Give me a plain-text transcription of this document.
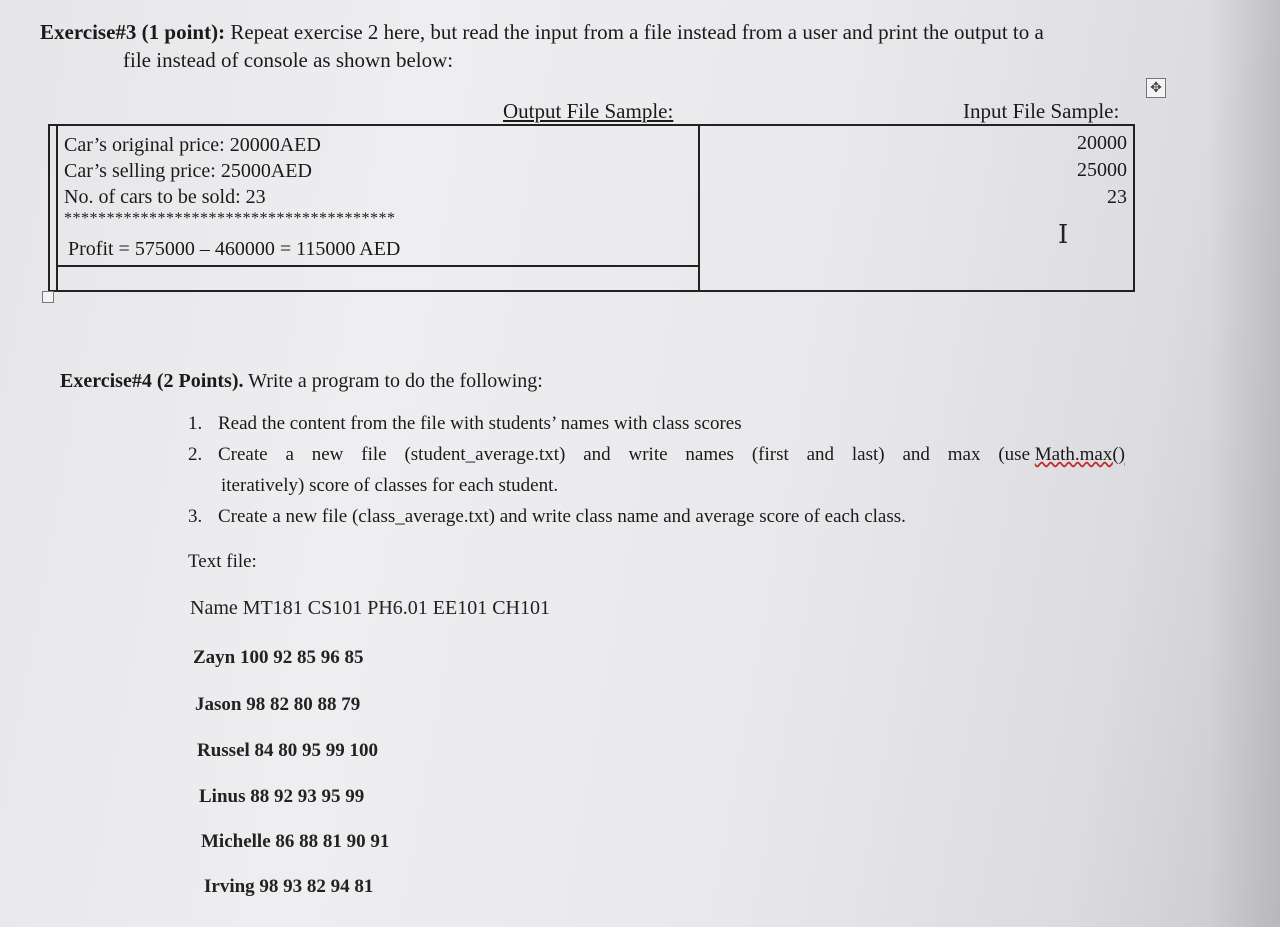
Exercise#3 (1 point): Repeat exercise 2 here, but read the input from a file instead from a user and print the output to a
file instead of console as shown below:
✥
Output File Sample:	Input File Sample:
Car’s original price: 20000AED
Car’s selling price: 25000AED
No. of cars to be sold: 23
***************************************
Profit = 575000 – 460000 = 115000 AED
20000
25000
23
I
Exercise#4 (2 Points). Write a program to do the following:
1. Read the content from the file with students’ names with class scores
2. Create a new file (student_average.txt) and write names (first and last) and max (use Math.max()
iteratively) score of classes for each student.
3. Create a new file (class_average.txt) and write class name and average score of each class.
Text file:
Name MT181 CS101 PH6.01 EE101 CH101
Zayn 100 92 85 96 85
Jason 98 82 80 88 79
Russel 84 80 95 99 100
Linus 88 92 93 95 99
Michelle 86 88 81 90 91
Irving 98 93 82 94 81
